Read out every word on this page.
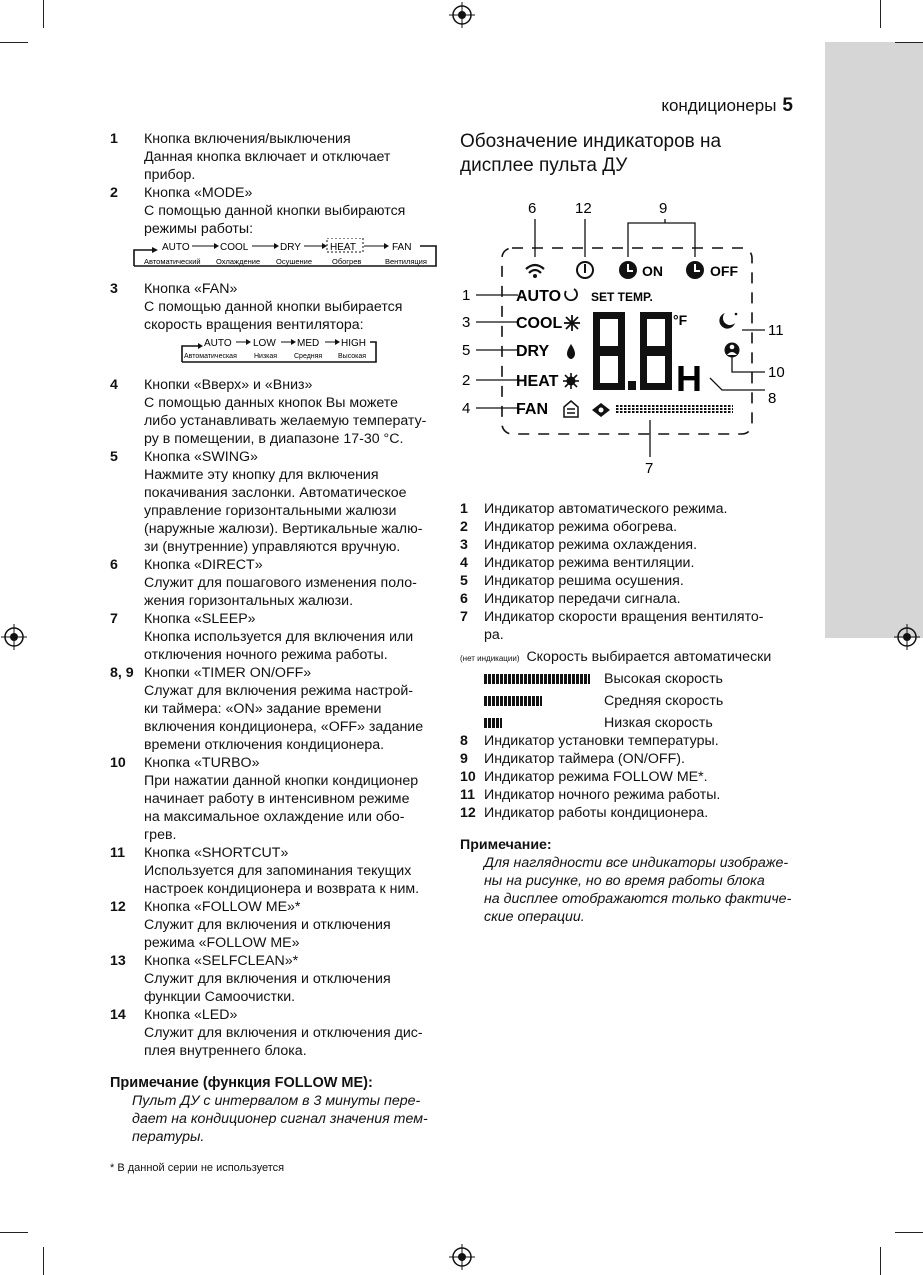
кондиционеры 5
1	Кнопка включения/выключения
Данная кнопка включает и отключает прибор.
2	Кнопка «MODE»
С помощью данной кнопки выбираются
режимы работы:
AUTO	COOL	DRY	HEAT	FAN
Автоматический Охлаждение Осушение	Обогрев	Вентиляция
3	Кнопка «FAN»
С помощью данной кнопки выбирается
скорость вращения вентилятора:
AUTO LOW MED HIGH
Автоматическая Низкая Средняя Высокая
4	Кнопки «Вверх» и «Вниз»
С помощью данных кнопок Вы можете
либо устанавливать желаемую температу-
ру в помещении, в диапазоне 17-30 °С.
5	Кнопка «SWING»
Нажмите эту кнопку для включения
покачивания заслонки. Автоматическое
управление горизонтальными жалюзи
(наружные жалюзи). Вертикальные жалю-
зи (внутренние) управляются вручную.
6	Кнопка «DIRECT»
Служит для пошагового изменения поло-
жения горизонтальных жалюзи.
7	Кнопка «SLEEP»
Кнопка используется для включения или
отключения ночного режима работы.
8, 9 Кнопки «TIMER ON/OFF»
Служат для включения режима настрой-
ки таймера: «ON» задание времени
включения кондиционера, «OFF» задание
времени отключения кондиционера.
10	Кнопка «TURBO»
При нажатии данной кнопки кондиционер
начинает работу в интенсивном режиме
на максимальное охлаждение или обо-
грев.
11	Кнопка «SHORTCUT»
Используется для запоминания текущих
настроек кондиционера и возврата к ним.
12	Кнопка «FOLLOW ME»*
Служит для включения и отключения
режима «FOLLOW ME»
13	Кнопка «SELFCLEAN»*
Служит для включения и отключения
функции Самоочистки.
14	Кнопка «LED»
Служит для включения и отключения дис-
плея внутреннего блока.
Примечание (функция FOLLOW ME):
Пульт ДУ с интервалом в 3 минуты пере-
дает на кондиционер сигнал значения тем-
пературы.
* В данной серии не используется
Обозначение индикаторов на
дисплее пульта ДУ
6	12	9
1
3
5
2
4
11
10
8
7
ON	OFF
AUTO
COOL
DRY
HEAT
FAN
SET TEMP.
°F
H
1	Индикатор автоматического режима.
2	Индикатор режима обогрева.
3	Индикатор режима охлаждения.
4	Индикатор режима вентиляции.
5	Индикатор решима осушения.
6	Индикатор передачи сигнала.
7	Индикатор скорости вращения вентилято-
ра.
(нет индикации) Скорость выбирается автоматически
Высокая скорость
Средняя скорость
Низкая скорость
8	Индикатор установки температуры.
9	Индикатор таймера (ON/OFF).
10 Индикатор режима FOLLOW ME*.
11 Индикатор ночного режима работы.
12 Индикатор работы кондиционера.
Примечание:
Для наглядности все индикаторы изображе-
ны на рисунке, но во время работы блока
на дисплее отображаются только фактиче-
ские операции.
